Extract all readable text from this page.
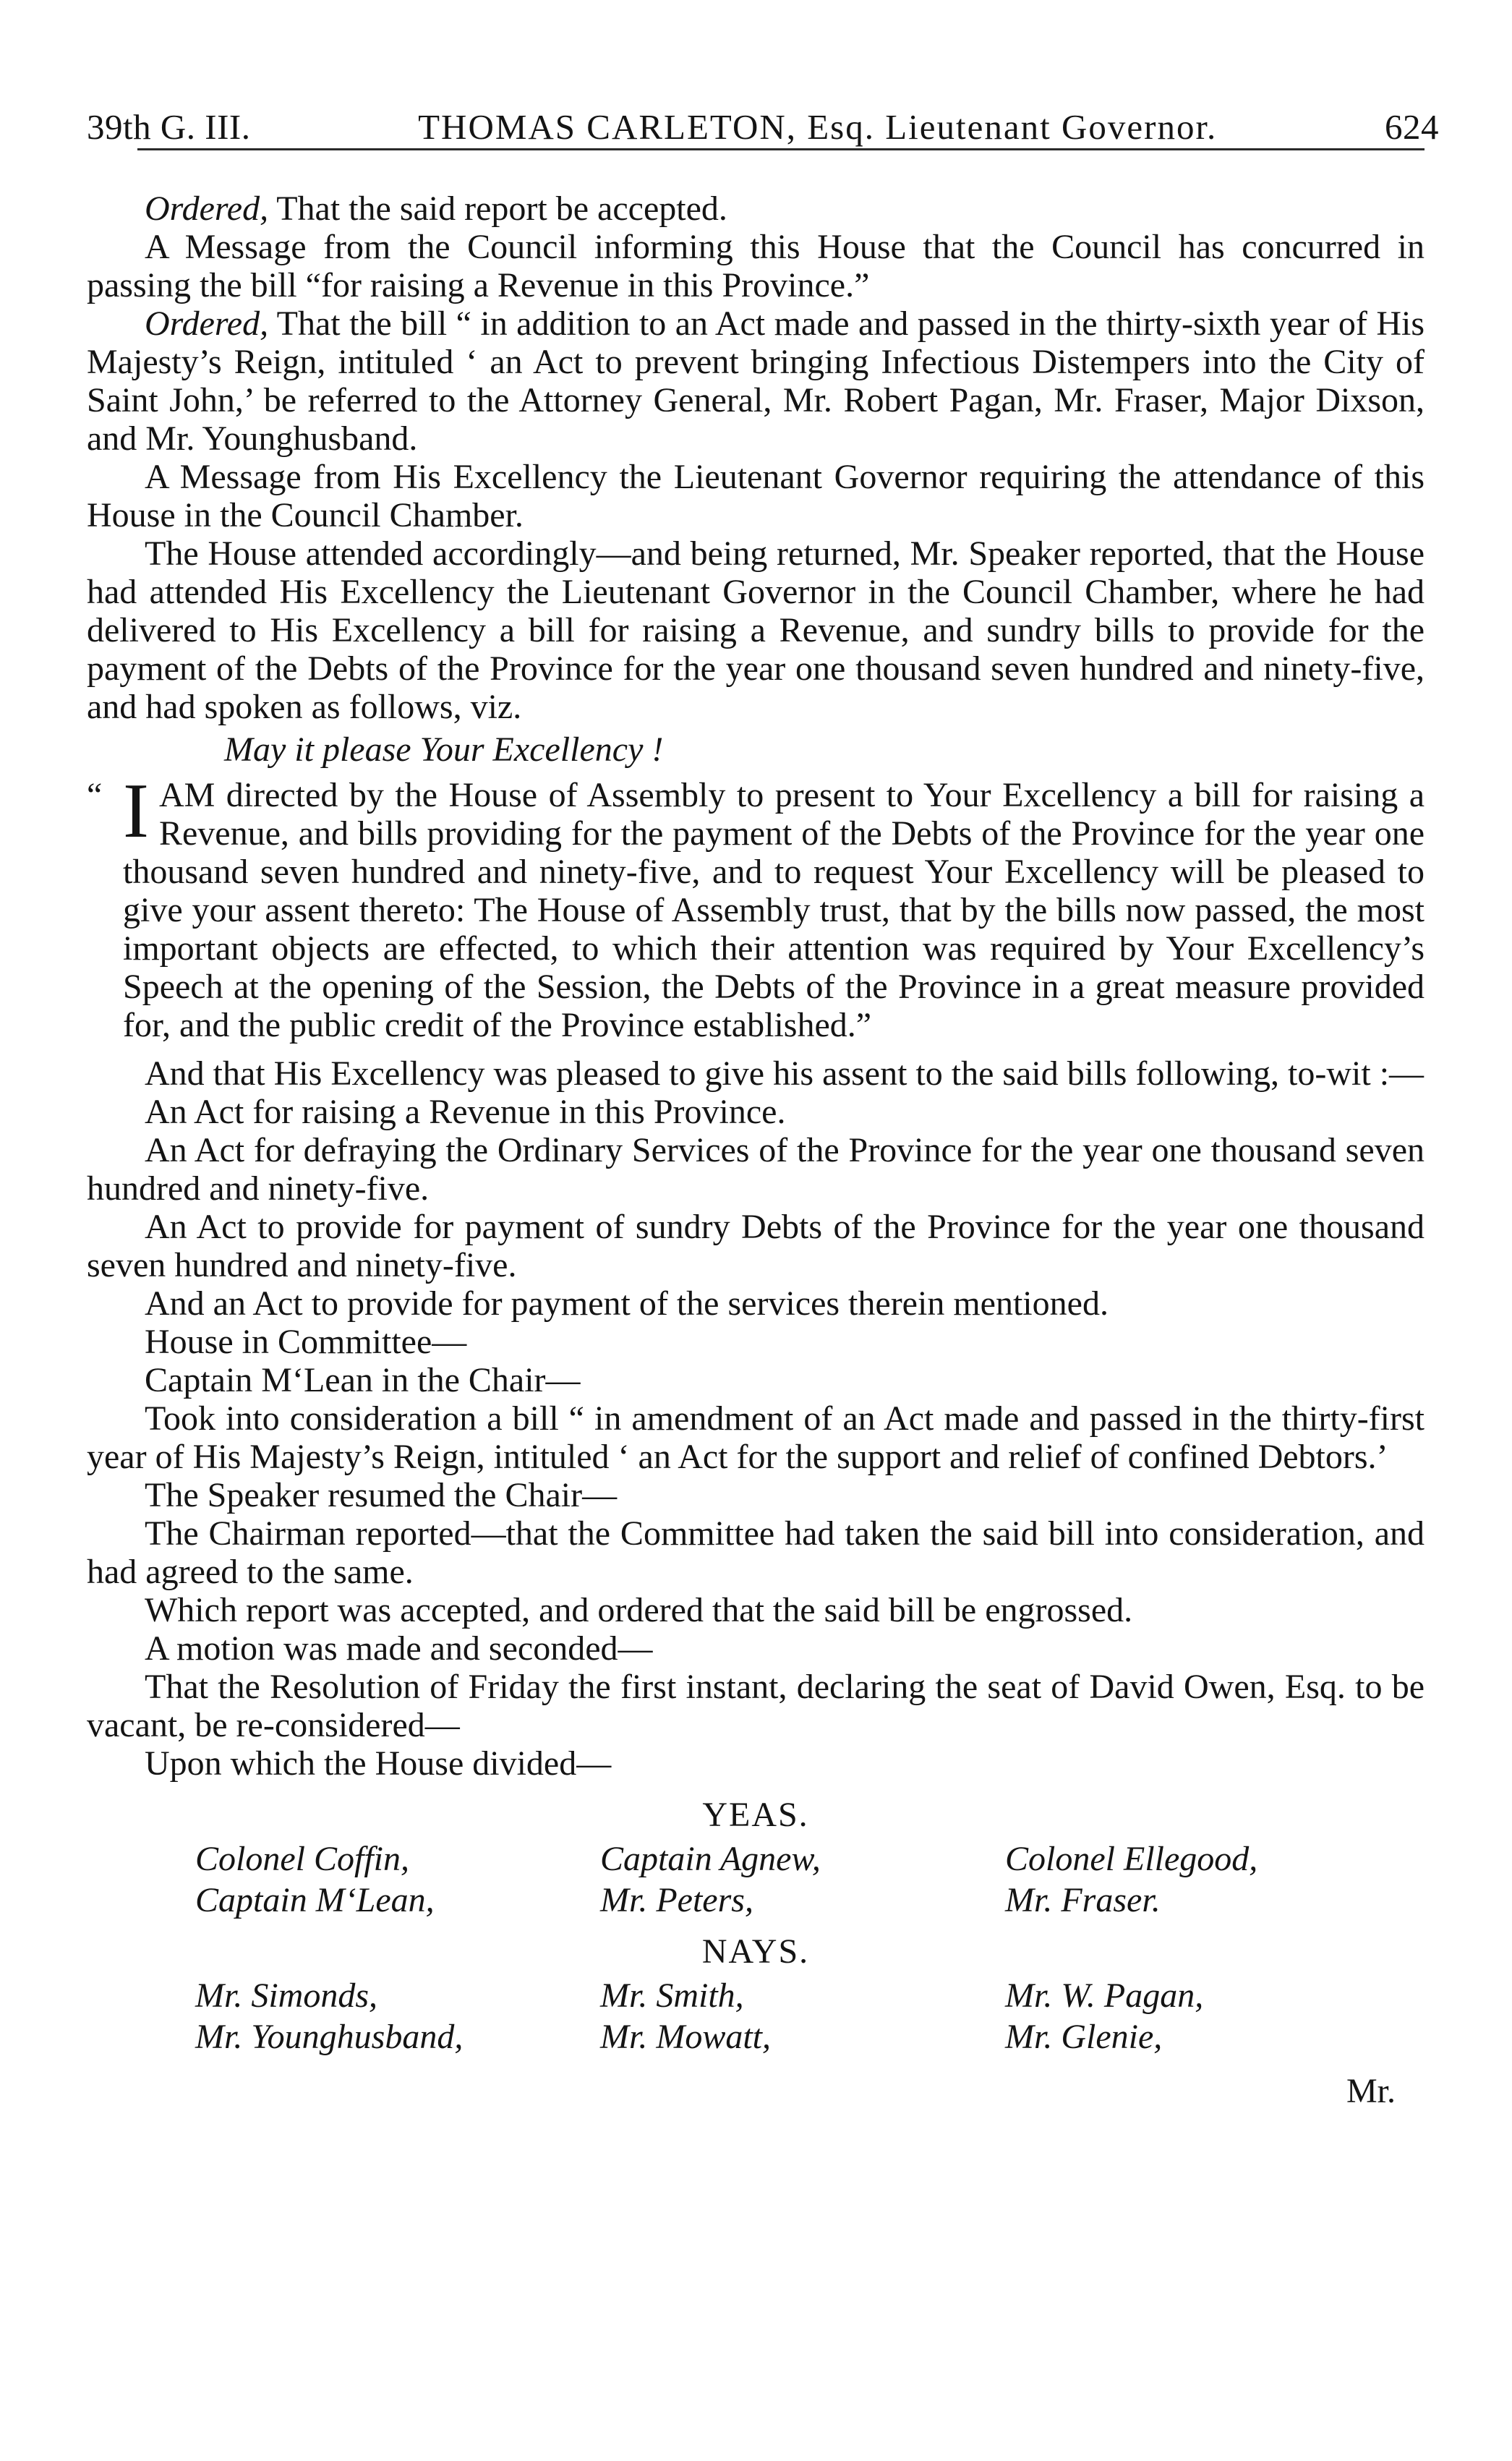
39th G. III.	THOMAS CARLETON, Esq. Lieutenant Governor.	624

Ordered, That the said report be accepted.

A Message from the Council informing this House that the Council has concurred in passing the bill “for raising a Revenue in this Province.”

Ordered, That the bill “ in addition to an Act made and passed in the thirty-sixth year of His Majesty’s Reign, intituled ‘ an Act to prevent bringing Infectious Distempers into the City of Saint John,’ be referred to the Attorney General, Mr. Robert Pagan, Mr. Fraser, Major Dixson, and Mr. Younghusband.

A Message from His Excellency the Lieutenant Governor requiring the attendance of this House in the Council Chamber.

The House attended accordingly—and being returned, Mr. Speaker reported, that the House had attended His Excellency the Lieutenant Governor in the Council Chamber, where he had delivered to His Excellency a bill for raising a Revenue, and sundry bills to provide for the payment of the Debts of the Province for the year one thousand seven hundred and ninety-five, and had spoken as follows, viz.

May it please Your Excellency !

“ I AM directed by the House of Assembly to present to Your Excellency a bill for raising a Revenue, and bills providing for the payment of the Debts of the Province for the year one thousand seven hundred and ninety-five, and to request Your Excellency will be pleased to give your assent thereto: The House of Assembly trust, that by the bills now passed, the most important objects are effected, to which their attention was required by Your Excellency’s Speech at the opening of the Session, the Debts of the Province in a great measure provided for, and the public credit of the Province established.”

And that His Excellency was pleased to give his assent to the said bills following, to-wit :—

An Act for raising a Revenue in this Province.

An Act for defraying the Ordinary Services of the Province for the year one thousand seven hundred and ninety-five.

An Act to provide for payment of sundry Debts of the Province for the year one thousand seven hundred and ninety-five.

And an Act to provide for payment of the services therein mentioned.

House in Committee—

Captain M‘Lean in the Chair—

Took into consideration a bill “ in amendment of an Act made and passed in the thirty-first year of His Majesty’s Reign, intituled ‘ an Act for the support and relief of confined Debtors.’

The Speaker resumed the Chair—

The Chairman reported—that the Committee had taken the said bill into consideration, and had agreed to the same.

Which report was accepted, and ordered that the said bill be engrossed.

A motion was made and seconded—

That the Resolution of Friday the first instant, declaring the seat of David Owen, Esq. to be vacant, be re-considered—

Upon which the House divided—

YEAS.
Colonel Coffin,	Captain Agnew,	Colonel Ellegood,
Captain M‘Lean,	Mr. Peters,	Mr. Fraser.
NAYS.
Mr. Simonds,	Mr. Smith,	Mr. W. Pagan,
Mr. Younghusband,	Mr. Mowatt,	Mr. Glenie,
Mr.
